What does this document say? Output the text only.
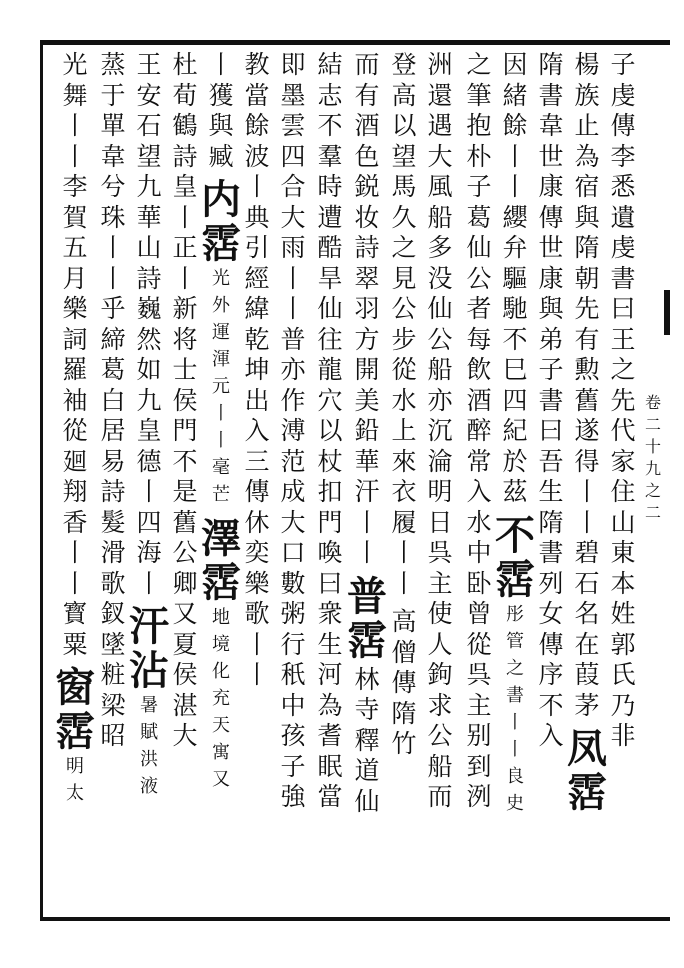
卷
二
十
九
之
二
子
虔
傳
李
悉
遺
虔
書
曰
王
之
先
代
家
住
山
東
本
姓
郭
氏
乃
非
楊
族
止
為
宿
與
隋
朝
先
有
勲
舊
遂
得
丨
丨
碧
石
名
在
葭
茅
凤
霑
隋
書
韋
世
康
傳
世
康
與
弟
子
書
曰
吾
生
隋
書
列
女
傳
序
不
入
因
緒
餘
丨
丨
纓
弁
驅
馳
不
巳
四
紀
於
茲
不
霑
彤
管
之
書
丨
丨
良
史
之
筆
抱
朴
子
葛
仙
公
者
每
飲
酒
醉
常
入
水
中
卧
曾
從
呉
主
别
到
洌
洲
還
遇
大
風
船
多
没
仙
公
船
亦
沉
淪
明
日
呉
主
使
人
鉤
求
公
船
而
登
高
以
望
馬
久
之
見
公
步
從
水
上
來
衣
履
丨
丨
高
僧
傳
隋
竹
而
有
酒
色
鋭
妆
詩
翠
羽
方
開
美
鉛
華
汗
丨
丨
普
霑
林
寺
釋
道
仙
結
志
不
羣
時
遭
酷
旱
仙
往
龍
穴
以
杖
扣
門
喚
曰
衆
生
河
為
耆
眠
當
即
墨
雲
四
合
大
雨
丨
丨
普
亦
作
溥
范
成
大
口
數
粥
行
秖
中
孩
子
強
教
當
餘
波
丨
典
引
經
緯
乾
坤
出
入
三
傳
休
奕
樂
歌
丨
丨
丨
獲
與
臧
内
霑
光
外
運
渾
元
丨
丨
毫
芒
澤
霑
地
境
化
充
天
寓
又
杜
荀
鶴
詩
皇
丨
正
丨
新
将
士
侯
門
不
是
舊
公
卿
又
夏
侯
湛
大
王
安
石
望
九
華
山
詩
巍
然
如
九
皇
德
丨
四
海
丨
汗
沾
暑
賦
洪
液
蒸
于
單
韋
兮
珠
丨
丨
乎
締
葛
白
居
易
詩
髮
滑
歌
釵
墜
粧
梁
昭
光
舞
丨
丨
李
賀
五
月
樂
詞
羅
袖
從
廻
翔
香
丨
丨
寳
粟
窗
霑
明
太
